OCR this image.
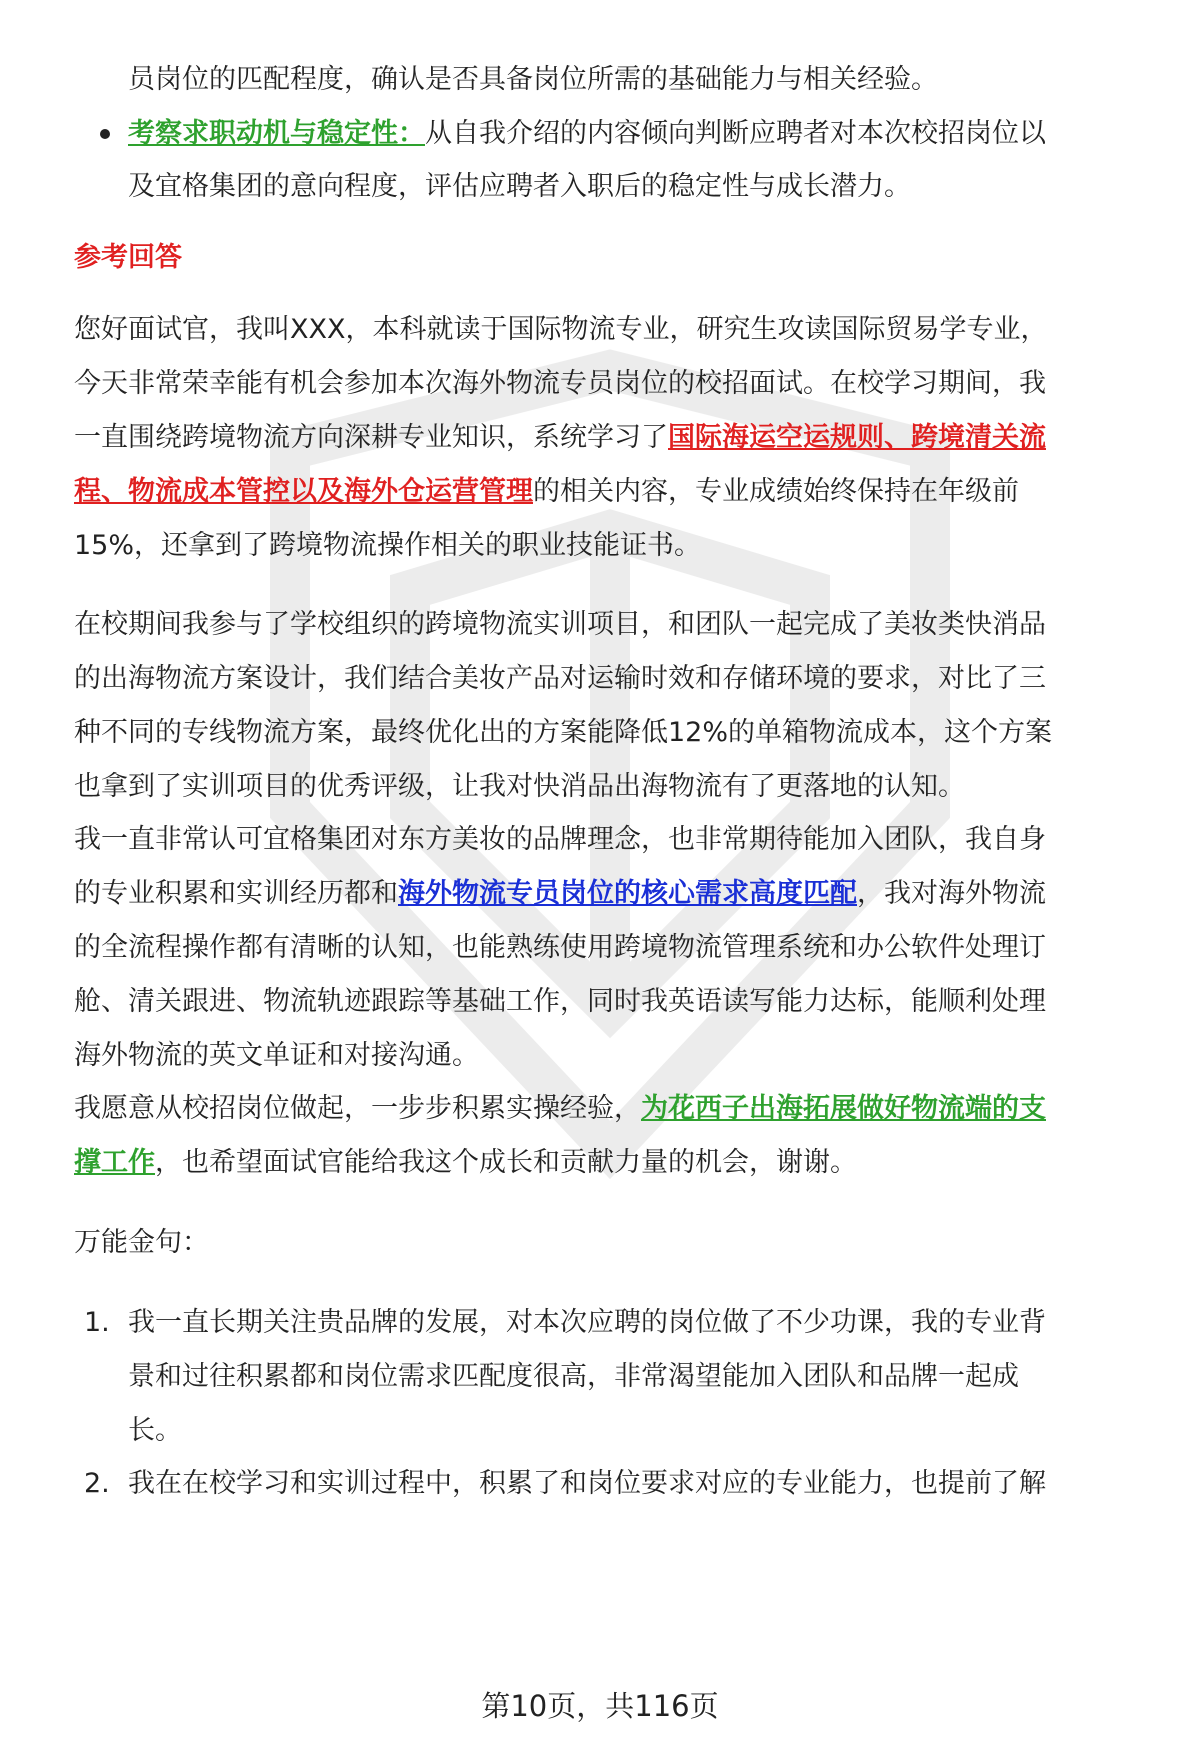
员岗位的匹配程度，确认是否具备岗位所需的基础能力与相关经验。
考察求职动机与稳定性：从自我介绍的内容倾向判断应聘者对本次校招岗位以
及宜格集团的意向程度，评估应聘者入职后的稳定性与成长潜力。
参考回答
您好面试官，我叫XXX，本科就读于国际物流专业，研究生攻读国际贸易学专业，
今天非常荣幸能有机会参加本次海外物流专员岗位的校招面试。在校学习期间，我
一直围绕跨境物流方向深耕专业知识，系统学习了国际海运空运规则、跨境清关流
程、物流成本管控以及海外仓运营管理的相关内容，专业成绩始终保持在年级前
15%，还拿到了跨境物流操作相关的职业技能证书。
在校期间我参与了学校组织的跨境物流实训项目，和团队一起完成了美妆类快消品
的出海物流方案设计，我们结合美妆产品对运输时效和存储环境的要求，对比了三
种不同的专线物流方案，最终优化出的方案能降低12%的单箱物流成本，这个方案
也拿到了实训项目的优秀评级，让我对快消品出海物流有了更落地的认知。
我一直非常认可宜格集团对东方美妆的品牌理念，也非常期待能加入团队，我自身
的专业积累和实训经历都和海外物流专员岗位的核心需求高度匹配，我对海外物流
的全流程操作都有清晰的认知，也能熟练使用跨境物流管理系统和办公软件处理订
舱、清关跟进、物流轨迹跟踪等基础工作，同时我英语读写能力达标，能顺利处理
海外物流的英文单证和对接沟通。
我愿意从校招岗位做起，一步步积累实操经验，为花西子出海拓展做好物流端的支
撑工作，也希望面试官能给我这个成长和贡献力量的机会，谢谢。
万能金句：
1. 我一直长期关注贵品牌的发展，对本次应聘的岗位做了不少功课，我的专业背
景和过往积累都和岗位需求匹配度很高，非常渴望能加入团队和品牌一起成
长。
2. 我在在校学习和实训过程中，积累了和岗位要求对应的专业能力，也提前了解
第10页，共116页
